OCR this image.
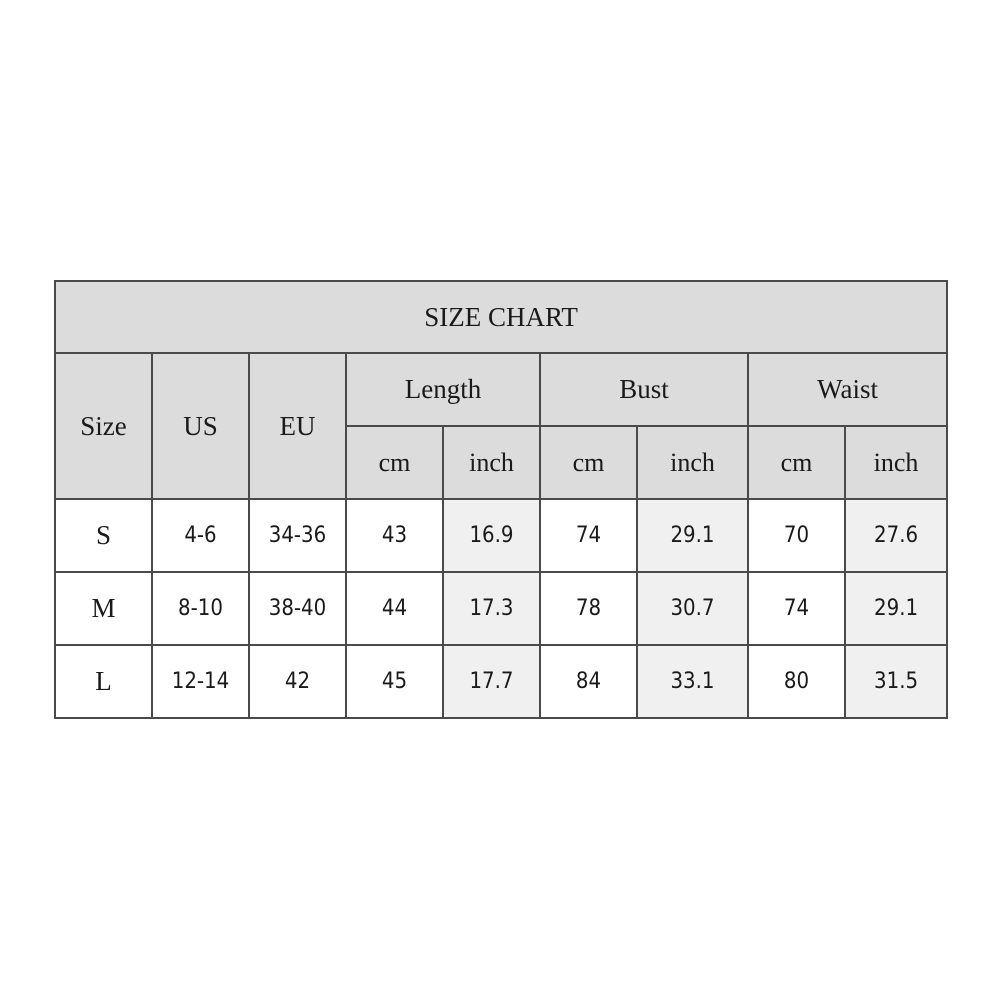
SIZE CHART								
Size	US	EU	Length		Bust		Waist	
			cm	inch	cm	inch	cm	inch
S	4-6	34-36	43	16.9	74	29.1	70	27.6
M	8-10	38-40	44	17.3	78	30.7	74	29.1
L	12-14	42	45	17.7	84	33.1	80	31.5
